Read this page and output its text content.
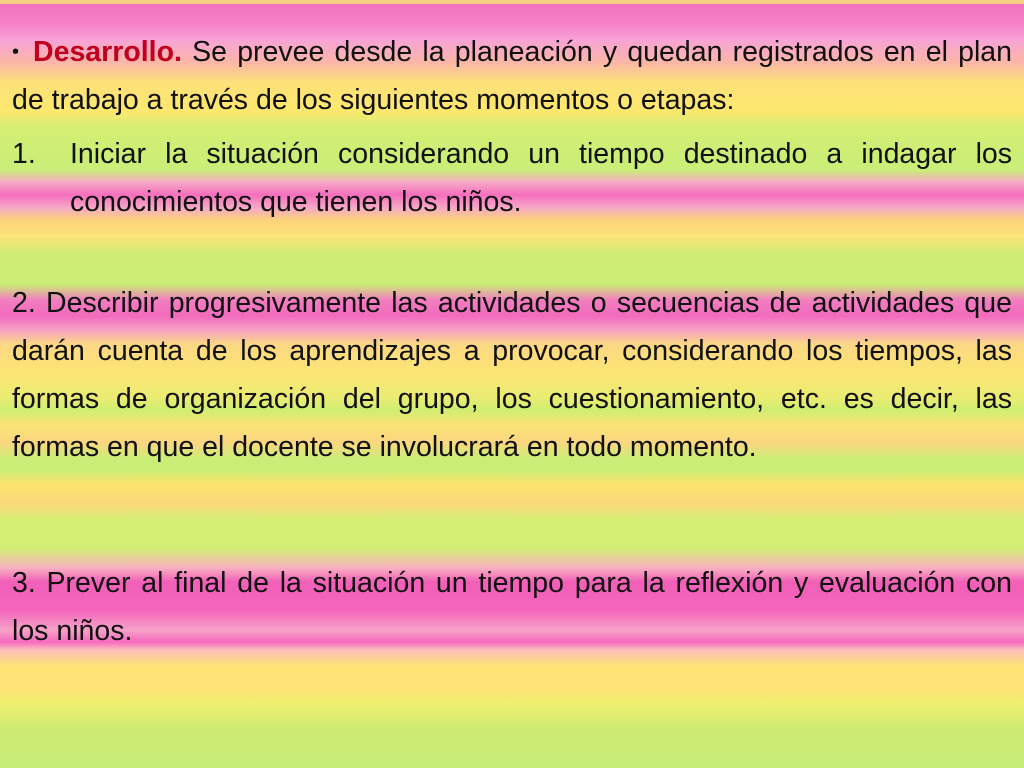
• Desarrollo. Se prevee desde la planeación y quedan registrados en el plan de trabajo a través de los siguientes momentos o etapas:

1.	Iniciar la situación considerando un tiempo destinado a indagar los conocimientos que tienen los niños.

2. Describir progresivamente las actividades o secuencias de actividades que darán cuenta de los aprendizajes a provocar, considerando los tiempos, las formas de organización del grupo, los cuestionamiento, etc. es decir, las formas en que el docente se involucrará en todo momento.

3. Prever al final de la situación un tiempo para la reflexión y evaluación con los niños.
